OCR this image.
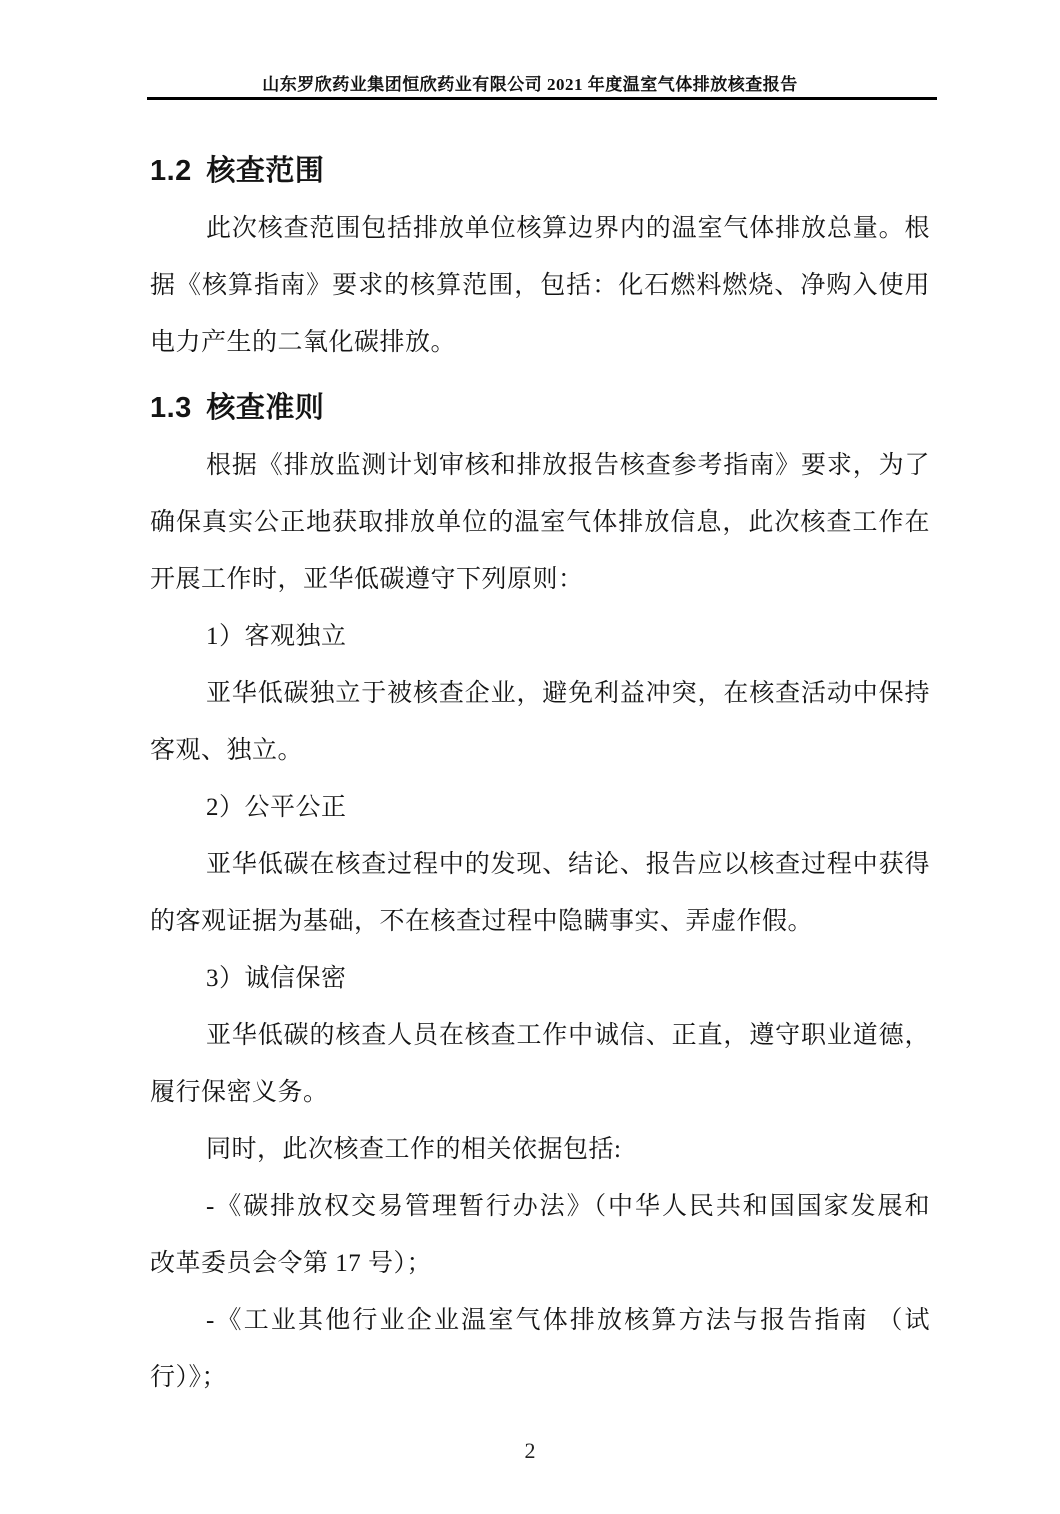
山东罗欣药业集团恒欣药业有限公司 2021 年度温室气体排放核查报告
1.2 核查范围
此次核查范围包括排放单位核算边界内的温室气体排放总量。根
据《核算指南》要求的核算范围，包括：化石燃料燃烧、净购入使用
电力产生的二氧化碳排放。
1.3 核查准则
根据《排放监测计划审核和排放报告核查参考指南》要求，为了
确保真实公正地获取排放单位的温室气体排放信息，此次核查工作在
开展工作时，亚华低碳遵守下列原则：
1）客观独立
亚华低碳独立于被核查企业，避免利益冲突，在核查活动中保持
客观、独立。
2）公平公正
亚华低碳在核查过程中的发现、结论、报告应以核查过程中获得
的客观证据为基础，不在核查过程中隐瞒事实、弄虚作假。
3）诚信保密
亚华低碳的核查人员在核查工作中诚信、正直，遵守职业道德，
履行保密义务。
同时，此次核查工作的相关依据包括:
-《碳排放权交易管理暂行办法》（中华人民共和国国家发展和
改革委员会令第 17 号）；
-《工业其他行业企业温室气体排放核算方法与报告指南 （试
行）》；
2
